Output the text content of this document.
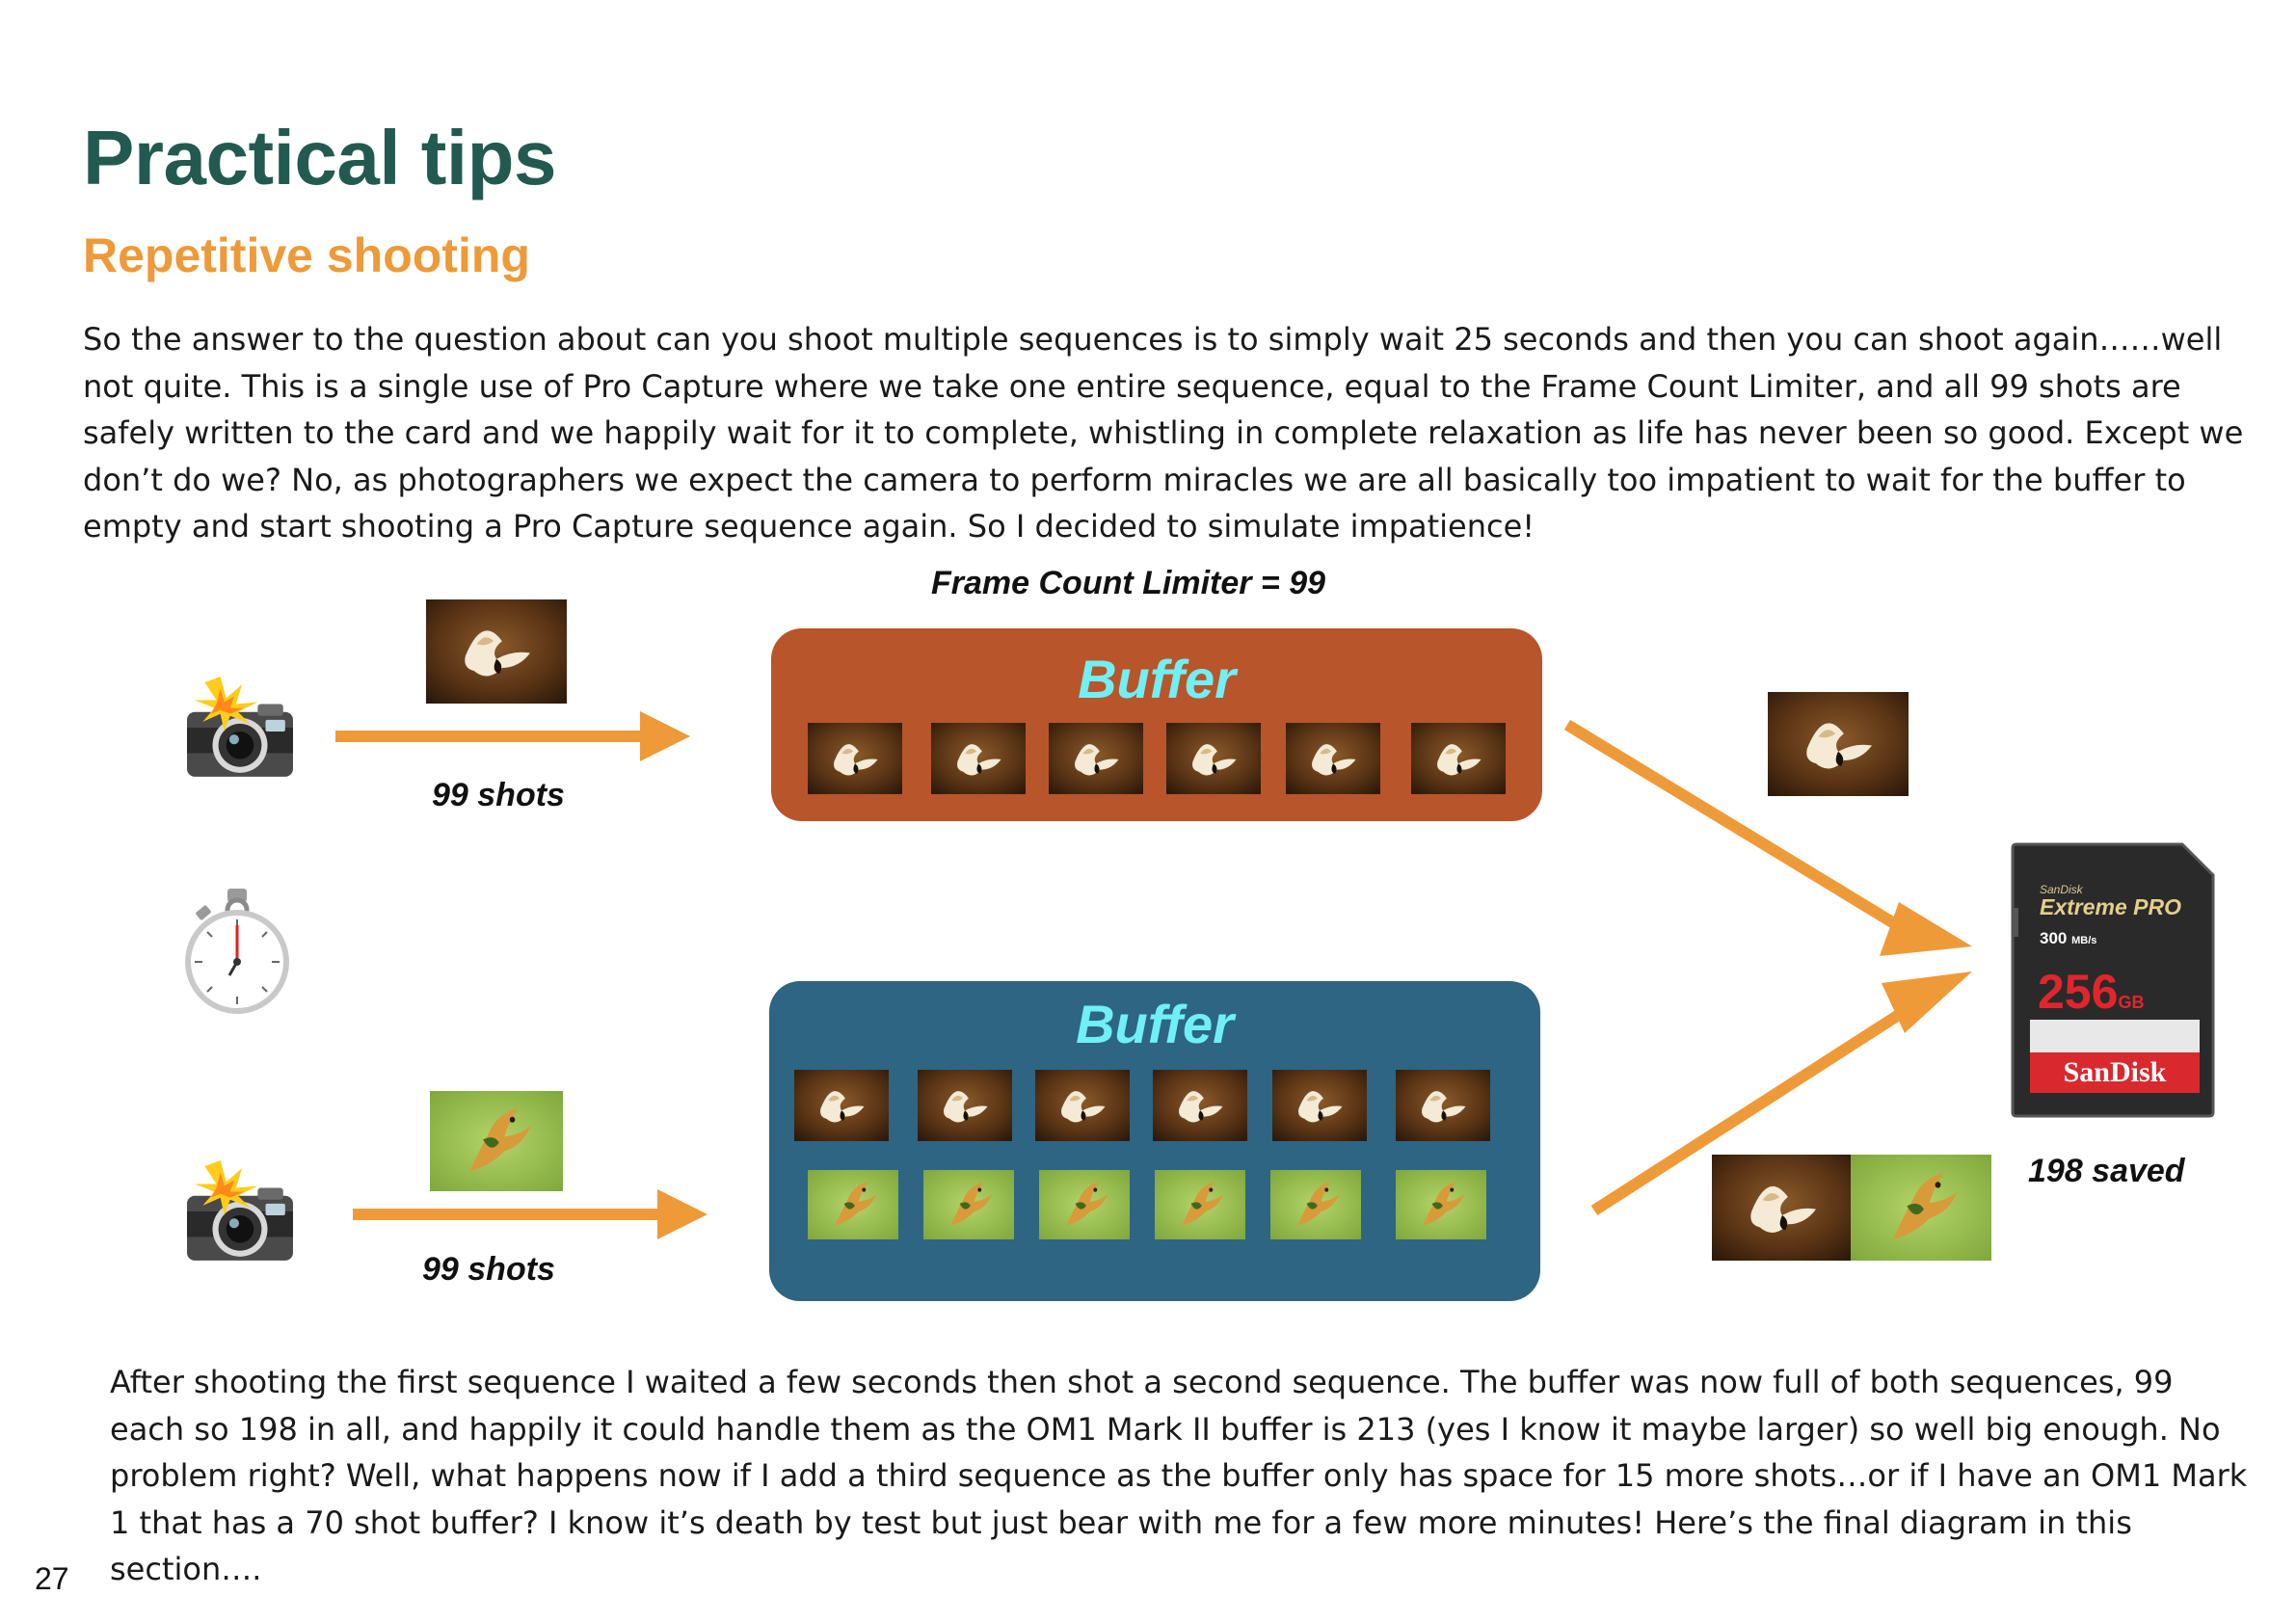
Practical tips
Repetitive shooting

So the answer to the question about can you shoot multiple sequences is to simply wait 25 seconds and then you can shoot again……well not quite. This is a single use of Pro Capture where we take one entire sequence, equal to the Frame Count Limiter, and all 99 shots are safely written to the card and we happily wait for it to complete, whistling in complete relaxation as life has never been so good. Except we don’t do we? No, as photographers we expect the camera to perform miracles we are all basically too impatient to wait for the buffer to empty and start shooting a Pro Capture sequence again. So I decided to simulate impatience!

Frame Count Limiter = 99
99 shots
Buffer
99 shots
Buffer
SanDisk
Extreme PRO
300 MB/s
256GB
SanDisk
198 saved

After shooting the first sequence I waited a few seconds then shot a second sequence. The buffer was now full of both sequences, 99 each so 198 in all, and happily it could handle them as the OM1 Mark II buffer is 213 (yes I know it maybe larger) so well big enough. No problem right? Well, what happens now if I add a third sequence as the buffer only has space for 15 more shots…or if I have an OM1 Mark 1 that has a 70 shot buffer? I know it’s death by test but just bear with me for a few more minutes! Here’s the final diagram in this section….

27
